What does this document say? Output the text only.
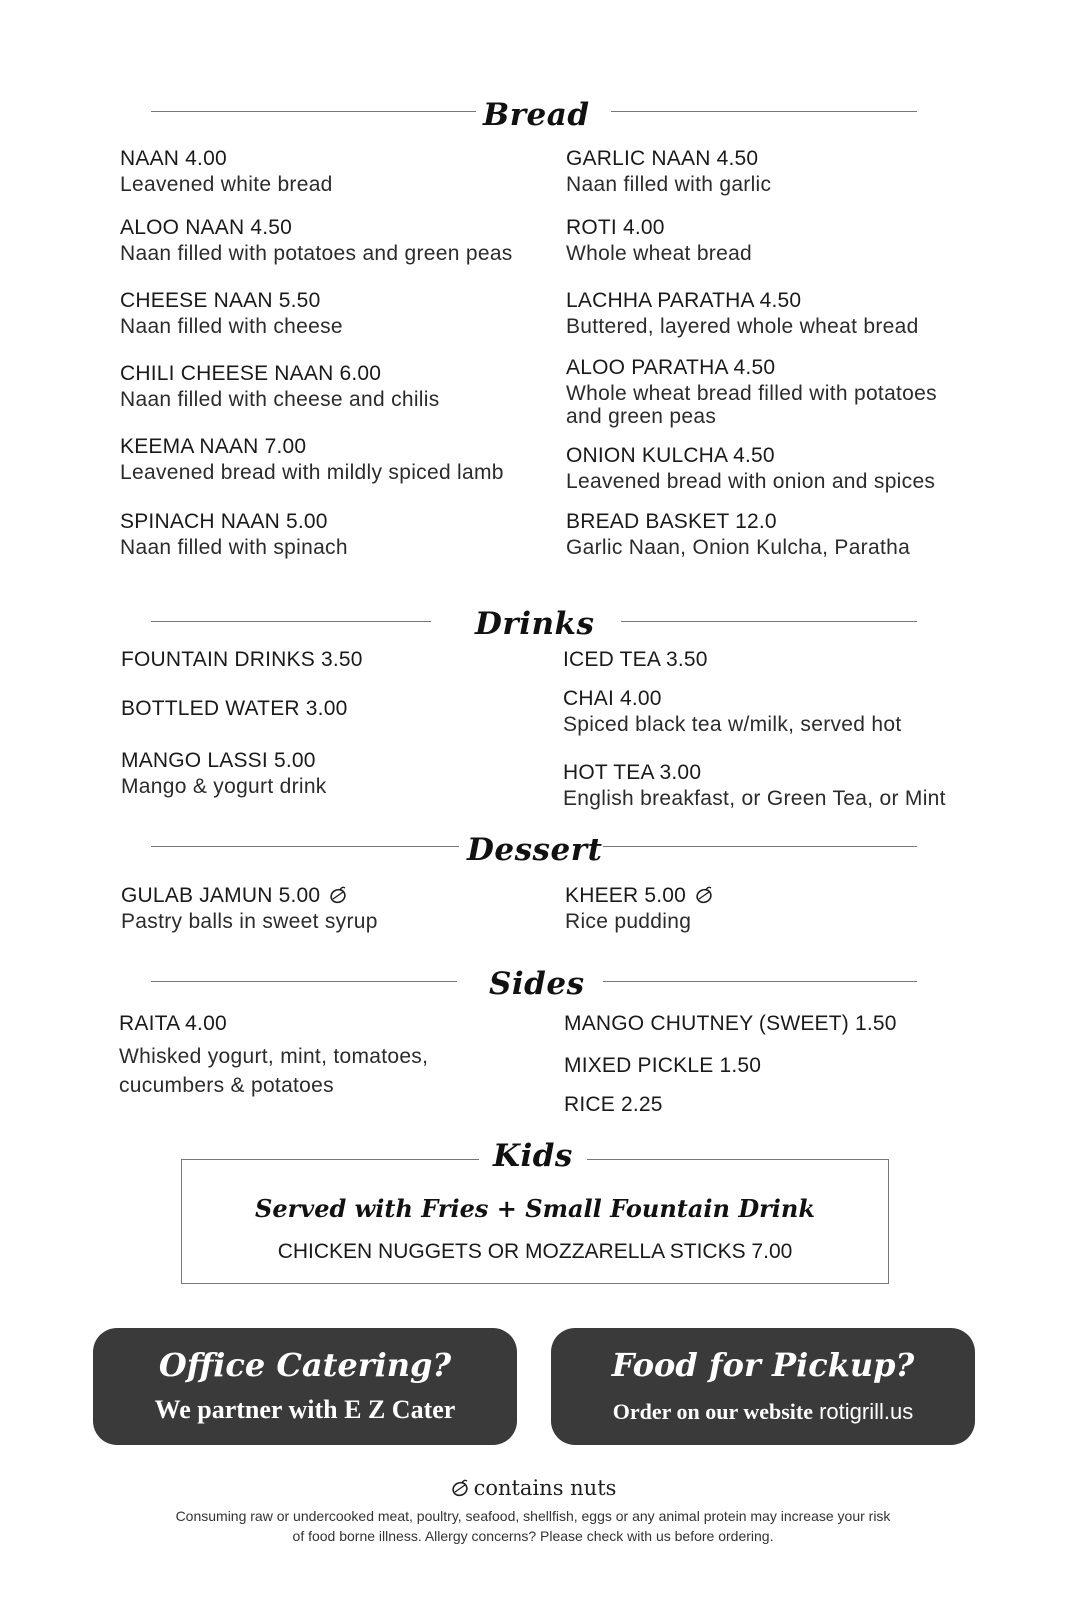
Bread
NAAN 4.00
Leavened white bread
ALOO NAAN 4.50
Naan filled with potatoes and green peas
CHEESE NAAN 5.50
Naan filled with cheese
CHILI CHEESE NAAN 6.00
Naan filled with cheese and chilis
KEEMA NAAN 7.00
Leavened bread with mildly spiced lamb
SPINACH NAAN 5.00
Naan filled with spinach
GARLIC NAAN 4.50
Naan filled with garlic
ROTI 4.00
Whole wheat bread
LACHHA PARATHA 4.50
Buttered, layered whole wheat bread
ALOO PARATHA 4.50
Whole wheat bread filled with potatoes
and green peas
ONION KULCHA 4.50
Leavened bread with onion and spices
BREAD BASKET 12.0
Garlic Naan, Onion Kulcha, Paratha
Drinks
FOUNTAIN DRINKS 3.50
BOTTLED WATER 3.00
MANGO LASSI 5.00
Mango & yogurt drink
ICED TEA 3.50
CHAI 4.00
Spiced black tea w/milk, served hot
HOT TEA 3.00
English breakfast, or Green Tea, or Mint
Dessert
GULAB JAMUN 5.00
Pastry balls in sweet syrup
KHEER 5.00
Rice pudding
Sides
RAITA 4.00
Whisked yogurt, mint, tomatoes,
cucumbers & potatoes
MANGO CHUTNEY (SWEET) 1.50
MIXED PICKLE 1.50
RICE 2.25
Kids
Served with Fries + Small Fountain Drink
CHICKEN NUGGETS OR MOZZARELLA STICKS 7.00
Office Catering?
We partner with E Z Cater
Food for Pickup?
Order on our website rotigrill.us
contains nuts
Consuming raw or undercooked meat, poultry, seafood, shellfish, eggs or any animal protein may increase your risk
of food borne illness. Allergy concerns? Please check with us before ordering.
